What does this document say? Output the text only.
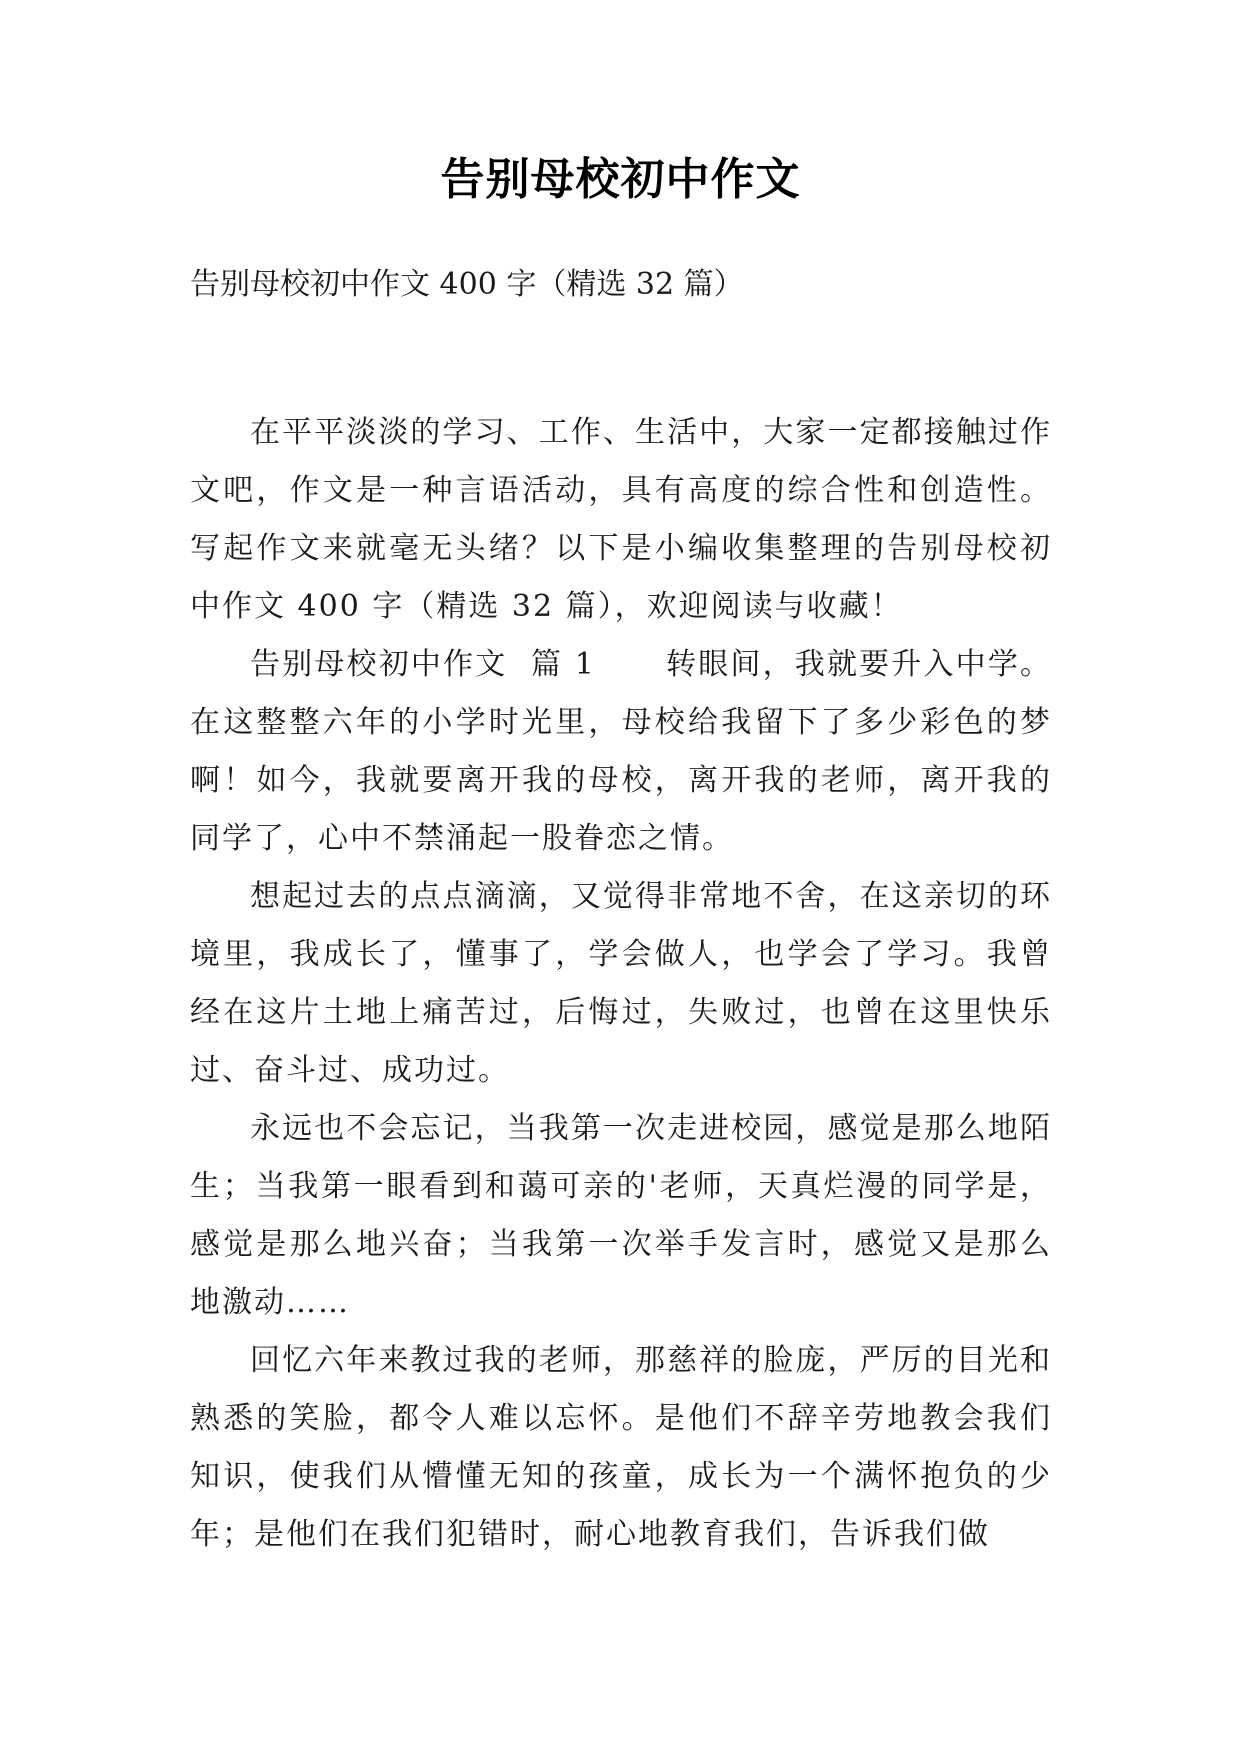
告别母校初中作文
告别母校初中作文 400 字（精选 32 篇）

在平平淡淡的学习、工作、生活中，大家一定都接触过作文吧，作文是一种言语活动，具有高度的综合性和创造性。写起作文来就毫无头绪？以下是小编收集整理的告别母校初中作文 400 字（精选 32 篇），欢迎阅读与收藏！

告别母校初中作文  篇 1      转眼间，我就要升入中学。在这整整六年的小学时光里，母校给我留下了多少彩色的梦啊！如今，我就要离开我的母校，离开我的老师，离开我的同学了，心中不禁涌起一股眷恋之情。

想起过去的点点滴滴，又觉得非常地不舍，在这亲切的环境里，我成长了，懂事了，学会做人，也学会了学习。我曾经在这片土地上痛苦过，后悔过，失败过，也曾在这里快乐过、奋斗过、成功过。

永远也不会忘记，当我第一次走进校园，感觉是那么地陌生；当我第一眼看到和蔼可亲的'老师，天真烂漫的同学是，感觉是那么地兴奋；当我第一次举手发言时，感觉又是那么地激动……

回忆六年来教过我的老师，那慈祥的脸庞，严厉的目光和熟悉的笑脸，都令人难以忘怀。是他们不辞辛劳地教会我们知识，使我们从懵懂无知的孩童，成长为一个满怀抱负的少年；是他们在我们犯错时，耐心地教育我们，告诉我们做
